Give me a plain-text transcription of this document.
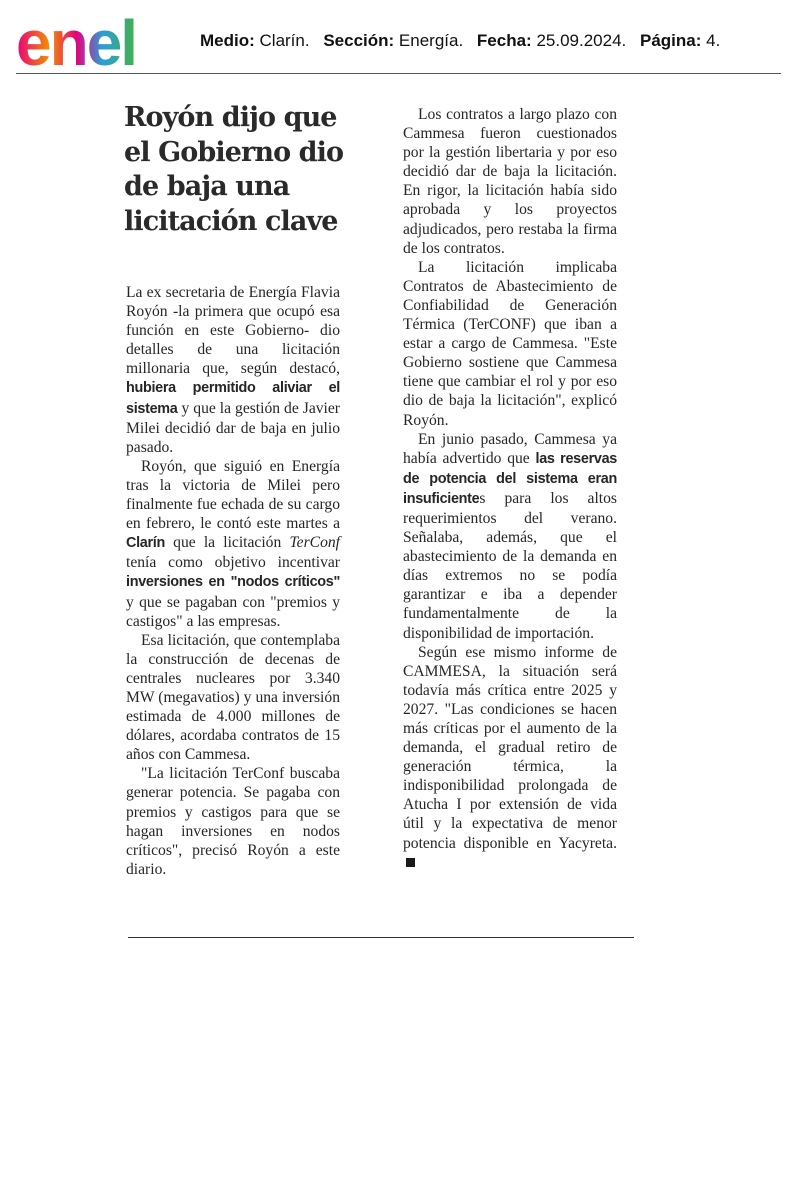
enel	Medio: Clarín. Sección: Energía. Fecha: 25.09.2024. Página: 4.
Royón dijo que el Gobierno dio de baja una licitación clave

La ex secretaria de Energía Flavia Royón -la primera que ocupó esa función en este Gobierno- dio detalles de una licitación millonaria que, según destacó, hubiera permitido aliviar el sistema y que la gestión de Javier Milei decidió dar de baja en julio pasado.

Royón, que siguió en Energía tras la victoria de Milei pero finalmente fue echada de su cargo en febrero, le contó este martes a Clarín que la licitación TerConf tenía como objetivo incentivar inversiones en "nodos críticos" y que se pagaban con "premios y castigos" a las empresas.

Esa licitación, que contemplaba la construcción de decenas de centrales nucleares por 3.340 MW (megavatios) y una inversión estimada de 4.000 millones de dólares, acordaba contratos de 15 años con Cammesa.

"La licitación TerConf buscaba generar potencia. Se pagaba con premios y castigos para que se hagan inversiones en nodos críticos", precisó Royón a este diario.

Los contratos a largo plazo con Cammesa fueron cuestionados por la gestión libertaria y por eso decidió dar de baja la licitación. En rigor, la licitación había sido aprobada y los proyectos adjudicados, pero restaba la firma de los contratos.

La licitación implicaba Contratos de Abastecimiento de Confiabilidad de Generación Térmica (TerCONF) que iban a estar a cargo de Cammesa. "Este Gobierno sostiene que Cammesa tiene que cambiar el rol y por eso dio de baja la licitación", explicó Royón.

En junio pasado, Cammesa ya había advertido que las reservas de potencia del sistema eran insuficientes para los altos requerimientos del verano. Señalaba, además, que el abastecimiento de la demanda en días extremos no se podía garantizar e iba a depender fundamentalmente de la disponibilidad de importación.

Según ese mismo informe de CAMMESA, la situación será todavía más crítica entre 2025 y 2027. "Las condiciones se hacen más críticas por el aumento de la demanda, el gradual retiro de generación térmica, la indisponibilidad prolongada de Atucha I por extensión de vida útil y la expectativa de menor potencia disponible en Yacyreta.
